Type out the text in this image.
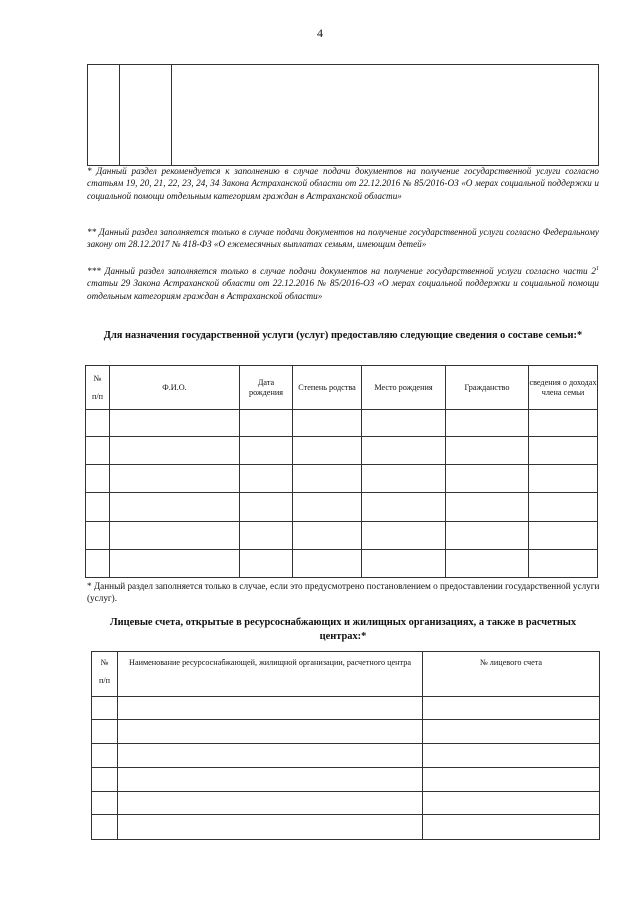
4

* Данный раздел рекомендуется к заполнению в случае подачи документов на получение государственной услуги согласно статьям 19, 20, 21, 22, 23, 24, 34 Закона Астраханской области от 22.12.2016 № 85/2016-ОЗ «О мерах социальной поддержки и социальной помощи отдельным категориям граждан в Астраханской области»
** Данный раздел заполняется только в случае подачи документов на получение государственной услуги согласно Федеральному закону от 28.12.2017 № 418-ФЗ «О ежемесячных выплатах семьям, имеющим детей»
*** Данный раздел заполняется только в случае подачи документов на получение государственной услуги согласно части $2^1$ статьи 29 Закона Астраханской области от 22.12.2016 № 85/2016-ОЗ «О мерах социальной поддержки и социальной помощи отдельным категориям граждан в Астраханской области»
Для назначения государственной услуги (услуг) предоставляю следующие сведения о составе семьи:*
№
п/п	Ф.И.О.	Дата рождения	Степень родства	Место рождения	Гражданство	сведения о доходах члена семьи

* Данный раздел заполняется только в случае, если это предусмотрено постановлением о предоставлении государственной услуги (услуг).
Лицевые счета, открытые в ресурсоснабжающих и жилищных организациях, а также в расчетных центрах:*
№
п/п	Наименование ресурсоснабжающей, жилищной организации, расчетного центра	№ лицевого счета
